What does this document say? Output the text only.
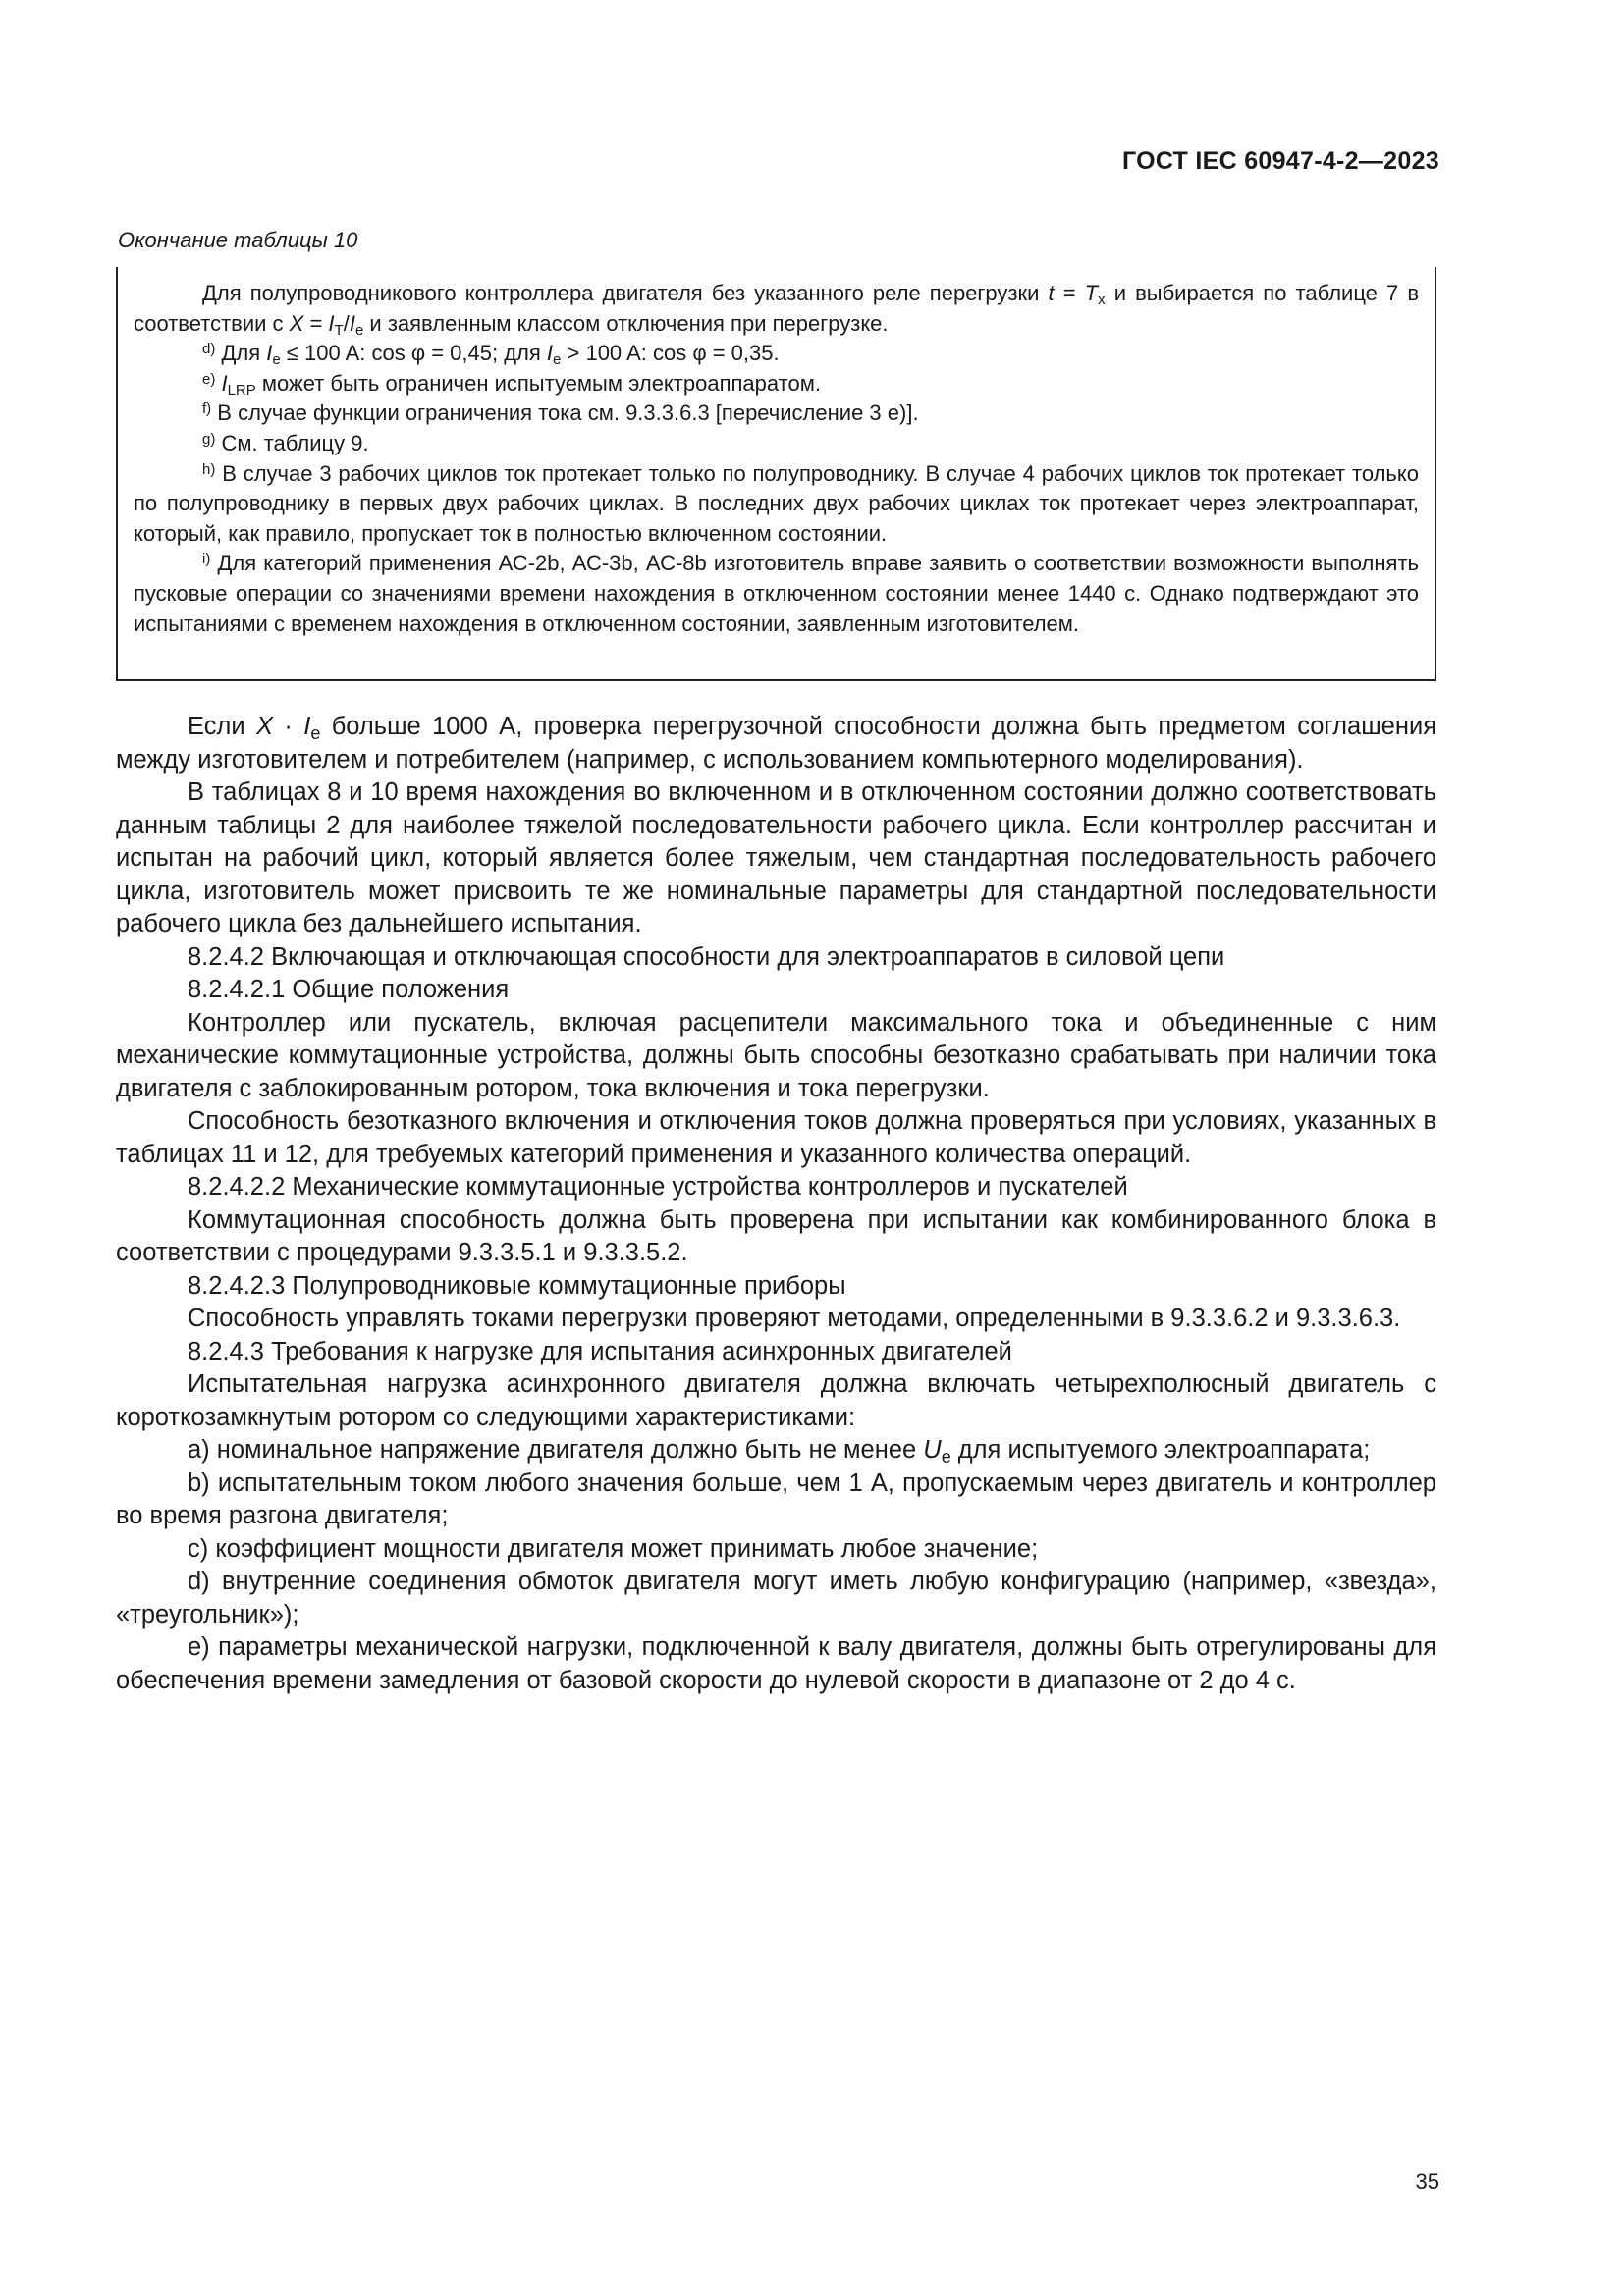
ГОСТ IEC 60947-4-2—2023
Окончание таблицы 10

Для полупроводникового контроллера двигателя без указанного реле перегрузки $t = T_x$ и выбирается по таблице 7 в соответствии с $X = I_T/I_e$ и заявленным классом отключения при перегрузке.

$^{d)}$ Для $I_e \le 100$ A: cos φ = 0,45; для $I_e > 100$ A: cos φ = 0,35.

$^{e)}$ $I_{LRP}$ может быть ограничен испытуемым электроаппаратом.

$^{f)}$ В случае функции ограничения тока см. 9.3.3.6.3 [перечисление 3 е)].

$^{g)}$ См. таблицу 9.

$^{h)}$ В случае 3 рабочих циклов ток протекает только по полупроводнику. В случае 4 рабочих циклов ток протекает только по полупроводнику в первых двух рабочих циклах. В последних двух рабочих циклах ток протекает через электроаппарат, который, как правило, пропускает ток в полностью включенном состоянии.

$^{i)}$ Для категорий применения АС-2b, АС-3b, АС-8b изготовитель вправе заявить о соответствии возможности выполнять пусковые операции со значениями времени нахождения в отключенном состоянии менее 1440 с. Однако подтверждают это испытаниями с временем нахождения в отключенном состоянии, заявленным изготовителем.

Если $X \cdot I_e$ больше 1000 А, проверка перегрузочной способности должна быть предметом соглашения между изготовителем и потребителем (например, с использованием компьютерного моделирования).

В таблицах 8 и 10 время нахождения во включенном и в отключенном состоянии должно соответствовать данным таблицы 2 для наиболее тяжелой последовательности рабочего цикла. Если контроллер рассчитан и испытан на рабочий цикл, который является более тяжелым, чем стандартная последовательность рабочего цикла, изготовитель может присвоить те же номинальные параметры для стандартной последовательности рабочего цикла без дальнейшего испытания.

8.2.4.2 Включающая и отключающая способности для электроаппаратов в силовой цепи

8.2.4.2.1 Общие положения

Контроллер или пускатель, включая расцепители максимального тока и объединенные с ним механические коммутационные устройства, должны быть способны безотказно срабатывать при наличии тока двигателя с заблокированным ротором, тока включения и тока перегрузки.

Способность безотказного включения и отключения токов должна проверяться при условиях, указанных в таблицах 11 и 12, для требуемых категорий применения и указанного количества операций.

8.2.4.2.2 Механические коммутационные устройства контроллеров и пускателей

Коммутационная способность должна быть проверена при испытании как комбинированного блока в соответствии с процедурами 9.3.3.5.1 и 9.3.3.5.2.

8.2.4.2.3 Полупроводниковые коммутационные приборы

Способность управлять токами перегрузки проверяют методами, определенными в 9.3.3.6.2 и 9.3.3.6.3.

8.2.4.3 Требования к нагрузке для испытания асинхронных двигателей

Испытательная нагрузка асинхронного двигателя должна включать четырехполюсный двигатель с короткозамкнутым ротором со следующими характеристиками:

a) номинальное напряжение двигателя должно быть не менее $U_e$ для испытуемого электроаппарата;

b) испытательным током любого значения больше, чем 1 А, пропускаемым через двигатель и контроллер во время разгона двигателя;

c) коэффициент мощности двигателя может принимать любое значение;

d) внутренние соединения обмоток двигателя могут иметь любую конфигурацию (например, «звезда», «треугольник»);

e) параметры механической нагрузки, подключенной к валу двигателя, должны быть отрегулированы для обеспечения времени замедления от базовой скорости до нулевой скорости в диапазоне от 2 до 4 с.

35
